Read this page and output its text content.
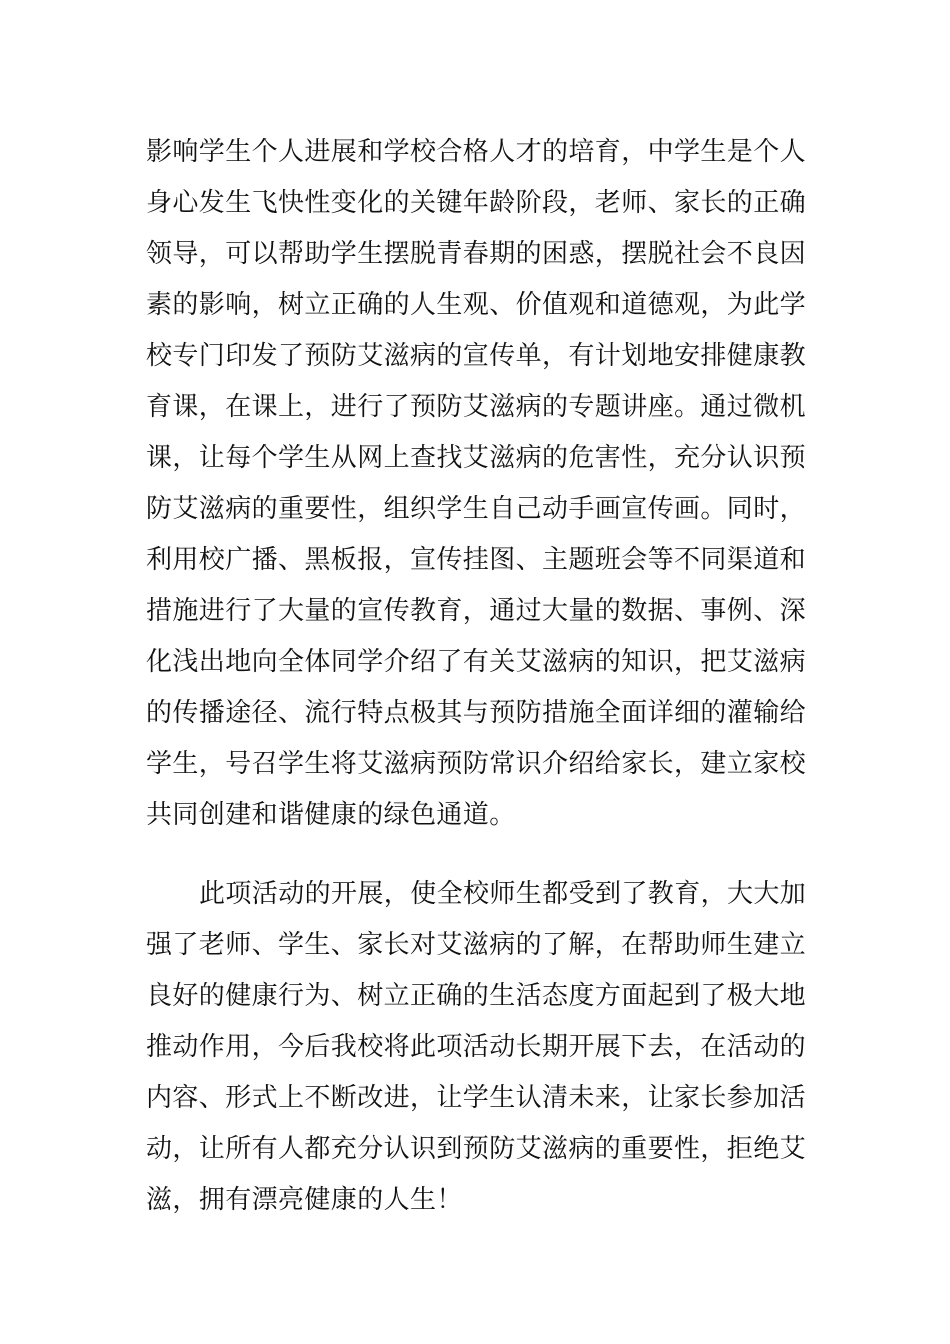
影响学生个人进展和学校合格人才的培育，中学生是个人
身心发生飞快性变化的关键年龄阶段，老师、家长的正确
领导，可以帮助学生摆脱青春期的困惑，摆脱社会不良因
素的影响，树立正确的人生观、价值观和道德观，为此学
校专门印发了预防艾滋病的宣传单，有计划地安排健康教
育课，在课上，进行了预防艾滋病的专题讲座。通过微机
课，让每个学生从网上查找艾滋病的危害性，充分认识预
防艾滋病的重要性，组织学生自己动手画宣传画。同时，
利用校广播、黑板报，宣传挂图、主题班会等不同渠道和
措施进行了大量的宣传教育，通过大量的数据、事例、深
化浅出地向全体同学介绍了有关艾滋病的知识，把艾滋病
的传播途径、流行特点极其与预防措施全面详细的灌输给
学生，号召学生将艾滋病预防常识介绍给家长，建立家校
共同创建和谐健康的绿色通道。
此项活动的开展，使全校师生都受到了教育，大大加
强了老师、学生、家长对艾滋病的了解，在帮助师生建立
良好的健康行为、树立正确的生活态度方面起到了极大地
推动作用，今后我校将此项活动长期开展下去，在活动的
内容、形式上不断改进，让学生认清未来，让家长参加活
动，让所有人都充分认识到预防艾滋病的重要性，拒绝艾
滋，拥有漂亮健康的人生！
